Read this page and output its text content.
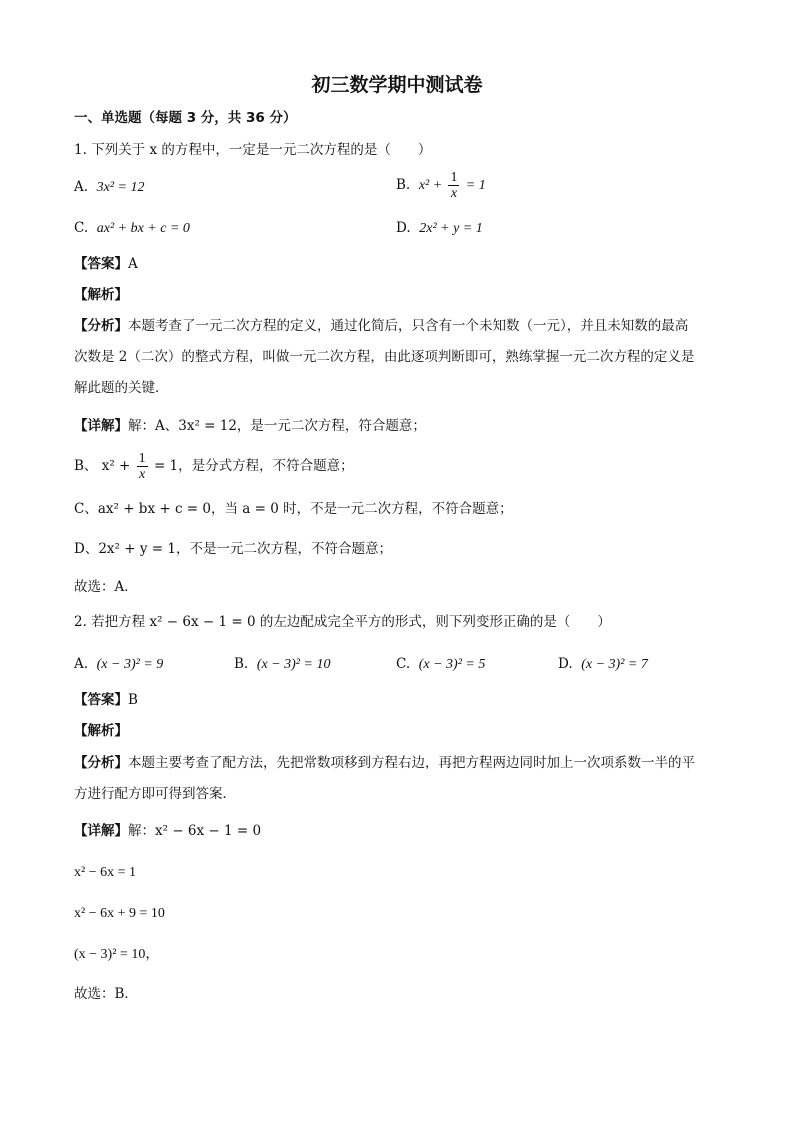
初三数学期中测试卷
一、单选题（每题 3 分，共 36 分）
1. 下列关于 x 的方程中，一定是一元二次方程的是（　　）
A. 3x² = 12	B. $x^2 + \frac{1}{x} = 1$
C. ax² + bx + c = 0	D. 2x² + y = 1
【答案】A
【解析】
【分析】本题考查了一元二次方程的定义，通过化简后，只含有一个未知数（一元），并且未知数的最高
次数是 2（二次）的整式方程，叫做一元二次方程，由此逐项判断即可，熟练掌握一元二次方程的定义是
解此题的关键．
【详解】解：A、3x² = 12，是一元二次方程，符合题意；
B、 $x^2 + \frac{1}{x} = 1$，是分式方程，不符合题意；
C、ax² + bx + c = 0，当 a = 0 时，不是一元二次方程，不符合题意；
D、2x² + y = 1，不是一元二次方程，不符合题意；
故选：A．
2. 若把方程 x² − 6x − 1 = 0 的左边配成完全平方的形式，则下列变形正确的是（　　）
A. (x − 3)² = 9	B. (x − 3)² = 10	C. (x − 3)² = 5	D. (x − 3)² = 7
【答案】B
【解析】
【分析】本题主要考查了配方法，先把常数项移到方程右边，再把方程两边同时加上一次项系数一半的平
方进行配方即可得到答案．
【详解】解：x² − 6x − 1 = 0
x² − 6x = 1
x² − 6x + 9 = 10
(x − 3)² = 10，
故选：B．
